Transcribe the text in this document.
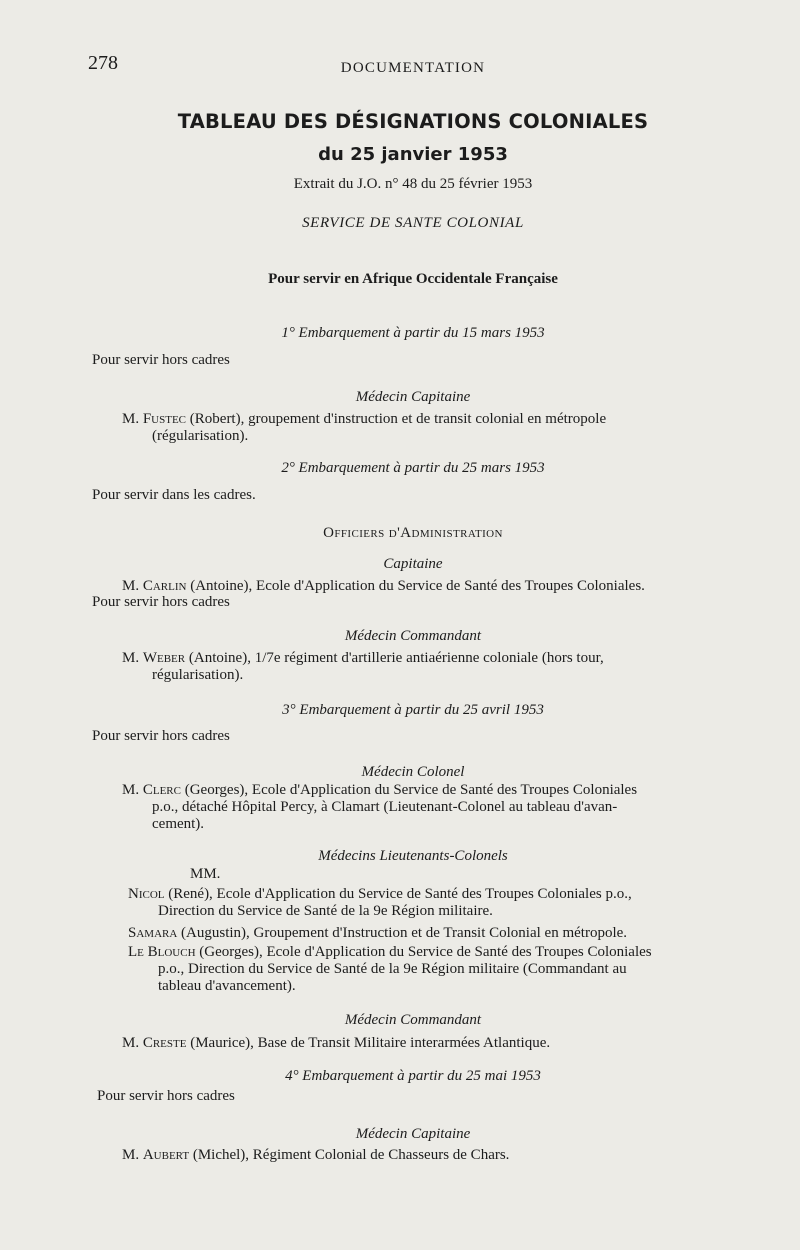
278	DOCUMENTATION
TABLEAU DES DÉSIGNATIONS COLONIALES
du 25 janvier 1953
Extrait du J.O. n° 48 du 25 février 1953
SERVICE DE SANTE COLONIAL
Pour servir en Afrique Occidentale Française
1° Embarquement à partir du 15 mars 1953
Pour servir hors cadres
Médecin Capitaine
M. Fustec (Robert), groupement d'instruction et de transit colonial en métropole
(régularisation).
2° Embarquement à partir du 25 mars 1953
Pour servir dans les cadres.
Officiers d'Administration
Capitaine
M. Carlin (Antoine), Ecole d'Application du Service de Santé des Troupes Coloniales.
Pour servir hors cadres
Médecin Commandant
M. Weber (Antoine), 1/7e régiment d'artillerie antiaérienne coloniale (hors tour,
régularisation).
3° Embarquement à partir du 25 avril 1953
Pour servir hors cadres
Médecin Colonel
M. Clerc (Georges), Ecole d'Application du Service de Santé des Troupes Coloniales
p.o., détaché Hôpital Percy, à Clamart (Lieutenant-Colonel au tableau d'avan-
cement).
Médecins Lieutenants-Colonels
MM.
Nicol (René), Ecole d'Application du Service de Santé des Troupes Coloniales p.o.,
Direction du Service de Santé de la 9e Région militaire.
Samara (Augustin), Groupement d'Instruction et de Transit Colonial en métropole.
Le Blouch (Georges), Ecole d'Application du Service de Santé des Troupes Coloniales
p.o., Direction du Service de Santé de la 9e Région militaire (Commandant au
tableau d'avancement).
Médecin Commandant
M. Creste (Maurice), Base de Transit Militaire interarmées Atlantique.
4° Embarquement à partir du 25 mai 1953
Pour servir hors cadres
Médecin Capitaine
M. Aubert (Michel), Régiment Colonial de Chasseurs de Chars.
